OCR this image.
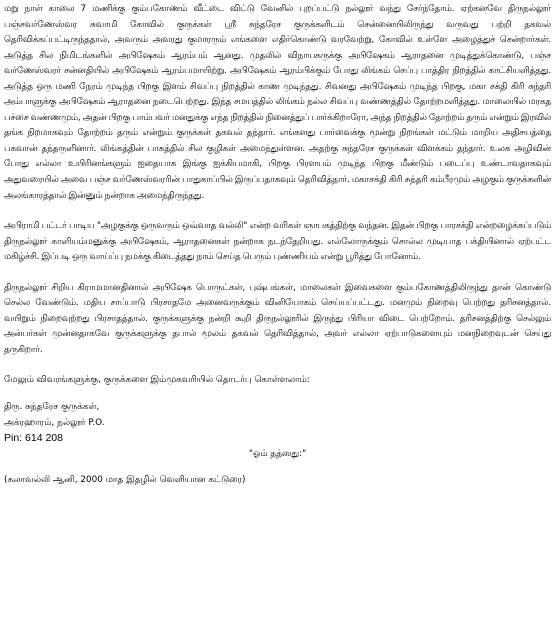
மறு நாள் காலை 7 மணிக்கு கும்பகோணம் வீட்டை விட்டு வேனில் புறப்பட்டு நல்லூர் வந்து சேர்ந்தோம். ஏற்கனவே திருநல்லூர் பஞ்சவர்ணேஸ்வர சுவாமி கோவில் குருக்கள் ஸ்ரீ சுந்தரேச குருக்களிடம் சென்னையிலிருந்து வருவது பற்றி தகவல் தெரிவிக்கப்பட்டிருந்ததால், அவரும் அவரது குமாரரும் எங்களை எதிர்கொண்டு வரவேற்று, கோவில் உள்ளே அழைத்துச் சென்றார்கள். அடுத்த சில நிமிடங்களில் அபிஷேகம் ஆரம்பம் ஆனது. முதலில் விநாயகருக்கு அபிஷேகம் ஆராதனை முடித்துக்கொண்டு, பஞ்ச வர்ணேஸ்வரர் சன்னதியில் அபிஷேகம் ஆரம்பமாயிற்று. அபிஷேகம் ஆரம்பிக்கும் போது லிங்கம் செப்பு பாத்திர நிறத்தில் காட்சியளித்தது. அடுத்த ஒரு மணி நேரம் முடிந்த பிறகு இளம் சிவப்பு நிறத்தில் காண முடிந்தது. சிவனது அபிஷேகம் முடிந்த பிறகு, மகா சக்தி கிரி சுந்தரி அம்பாளுக்கு அபிஷேகம் ஆராதனை நடைபெற்றது. இந்த சமயத்தில் லிங்கம் நல்ல சிவப்பு வண்ணத்தில் தோற்றமளித்தது. மாலையில் மரகத பச்சை வண்ணமும், அதன் பிறகு பாம்பவர் மனதுக்கு எந்த நிறத்தில் நினைத்துப் பார்க்கிறாரோ, அந்த நிறத்தில் தோற்றம் தரும் என்றும் இரவில் தங்க நிறமாகவும் தோற்றம் தரும் என்றும் குருக்கள் தகவல் தந்தார். எங்களது பார்வைக்கு மூன்று நிறங்கள் மட்டும் மாறிய அதிசயத்தை பகவான் தந்தருளினார். லிங்கத்தின் பாகத்தில் சில குழிகள் அமைந்துள்ளன. அதற்கு சுந்தரேச குருக்கள் விளக்கம் தந்தார். உலக அழிவின் போது எல்லா உயிரினங்களும் ஐதையாக இங்கு ஐக்கியமாகி, பிறகு பிரளயம் முடிந்த பிறகு மீண்டும் படைப்பு உண்டாவதாகவும் அதுவரையில் அவை பஞ்ச வர்ணேஸ்வரரின் பாதுகாப்பில் இருப்பதாகவும் தெரிவித்தார். மகாசக்தி கிரி சுந்தரி கம்பீரமும் அழகும் குருக்களின் அலங்காரத்தால் இன்னும் நன்றாக அமைந்திருந்தது.

அபிராமி பட்டர் பாடிய "அழகுக்கு ஒருவரும் ஒவ்வாத வல்லி" என்ற வரிகள் ஞாபகத்திற்கு வந்தன. இதன் பிறகு பாரசக்தி என்றழைக்கப்படும் திருநல்லூர் காளியம்மனுக்கு அபிஷேகம், ஆராதனைகள் நன்றாக நடந்தேறியது. எல்லோருக்கும் சொல்ல முடியாத பக்தியினால் ஏற்பட்ட மகிழ்ச்சி. இப்படி ஒரு வாய்ப்பு நமக்கு கிடைத்தது நாம் செய்த பெரும் புண்ணியம் என்று பூரித்து போனோம்.

திருநல்லூர் சிறிய கிராமமானதினால் அபிஷேக பொருட்கள், புஷ்பங்கள், மாலைகள் இவைகளை கும்பகோணத்திலிருந்து தான் கொண்டு செல்ல வேண்டும். மதிய சாப்பாடு பிரசாதமே அனைவருக்கும் வினியோகம் செய்யப்பட்டது. மனமும் நிறைவு பெற்றது தரிசனத்தால். வயிறும் நிறைவுற்றது பிரசாதத்தால். குருக்களுக்கு நன்றி கூறி திருநல்லூரில் இருந்து பிரியா விடை பெற்றோம். தரிசனத்திற்கு செல்லும் அன்பர்கள் முன்னதாகவே குருக்களுக்கு தபால் மூலம் தகவல் தெரிவித்தால், அவர் எல்லா ஏற்பாடுகளையும் மனநிறைவுடன் செய்து தருகிறார்.

மேலும் விவரங்களுக்கு, குருக்களை இம்முகவரியில் தொடர்பு கொள்ளலாம்:

திரு. சுந்தரேச குருக்கள்,

அக்ரஹாரம், நல்லூர் P.O.

Pin: 614 208

"ஓம் தத்ஸது:"

(கலாவல்லி ஆனி, 2000 மாத இதழில் வெளியான கட்டுரை)
